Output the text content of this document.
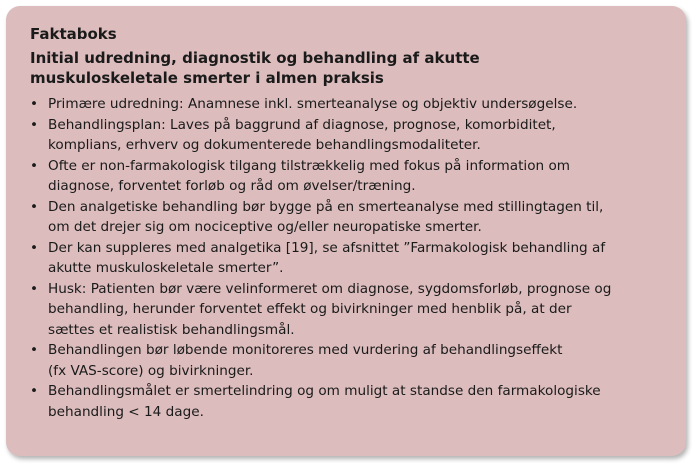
Faktaboks
Initial udredning, diagnostik og behandling af akutte
muskuloskeletale smerter i almen praksis
• Primære udredning: Anamnese inkl. smerteanalyse og objektiv undersøgelse.
• Behandlingsplan: Laves på baggrund af diagnose, prognose, komorbiditet,
komplians, erhverv og dokumenterede behandlingsmodaliteter.
• Ofte er non-farmakologisk tilgang tilstrækkelig med fokus på information om
diagnose, forventet forløb og råd om øvelser/træning.
• Den analgetiske behandling bør bygge på en smerteanalyse med stillingtagen til,
om det drejer sig om nociceptive og/eller neuropatiske smerter.
• Der kan suppleres med analgetika [19], se afsnittet ”Farmakologisk behandling af
akutte muskuloskeletale smerter”.
• Husk: Patienten bør være velinformeret om diagnose, sygdomsforløb, prognose og
behandling, herunder forventet effekt og bivirkninger med henblik på, at der
sættes et realistisk behandlingsmål.
• Behandlingen bør løbende monitoreres med vurdering af behandlingseffekt
(fx VAS-score) og bivirkninger.
• Behandlingsmålet er smertelindring og om muligt at standse den farmakologiske
behandling < 14 dage.
